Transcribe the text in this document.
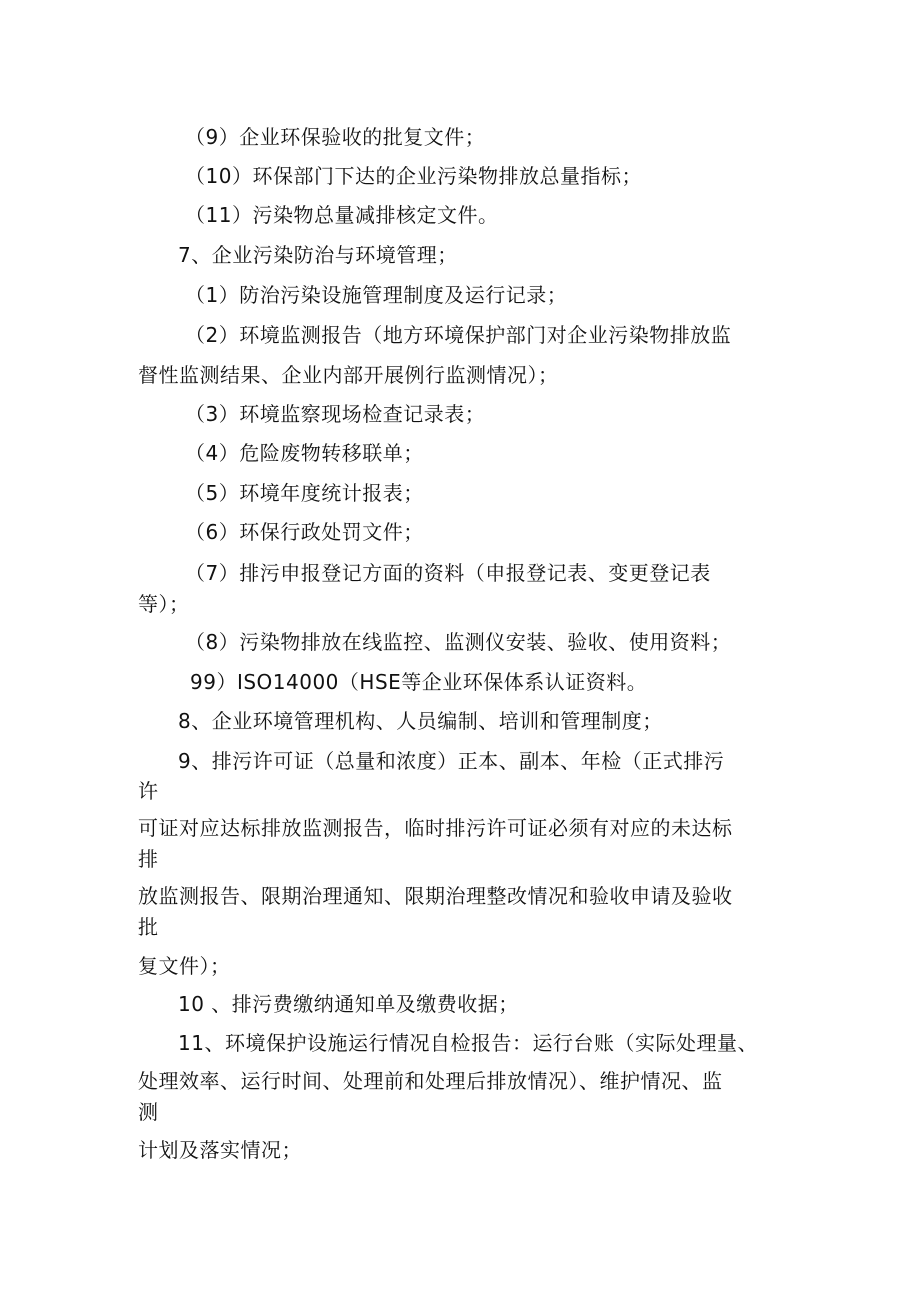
（9）企业环保验收的批复文件；

（10）环保部门下达的企业污染物排放总量指标；

（11）污染物总量减排核定文件。

7、企业污染防治与环境管理；

（1）防治污染设施管理制度及运行记录；

（2）环境监测报告（地方环境保护部门对企业污染物排放监

督性监测结果、企业内部开展例行监测情况）；

（3）环境监察现场检查记录表；

（4）危险废物转移联单；

（5）环境年度统计报表；

（6）环保行政处罚文件；

（7）排污申报登记方面的资料（申报登记表、变更登记表

等）；

（8）污染物排放在线监控、监测仪安装、验收、使用资料；

99）ISO14000（HSE等企业环保体系认证资料。

8、企业环境管理机构、人员编制、培训和管理制度；

9、排污许可证（总量和浓度）正本、副本、年检（正式排污

许

可证对应达标排放监测报告，临时排污许可证必须有对应的未达标

排

放监测报告、限期治理通知、限期治理整改情况和验收申请及验收

批

复文件）；

10 、排污费缴纳通知单及缴费收据；

11、环境保护设施运行情况自检报告：运行台账（实际处理量、

处理效率、运行时间、处理前和处理后排放情况）、维护情况、监

测

计划及落实情况；
